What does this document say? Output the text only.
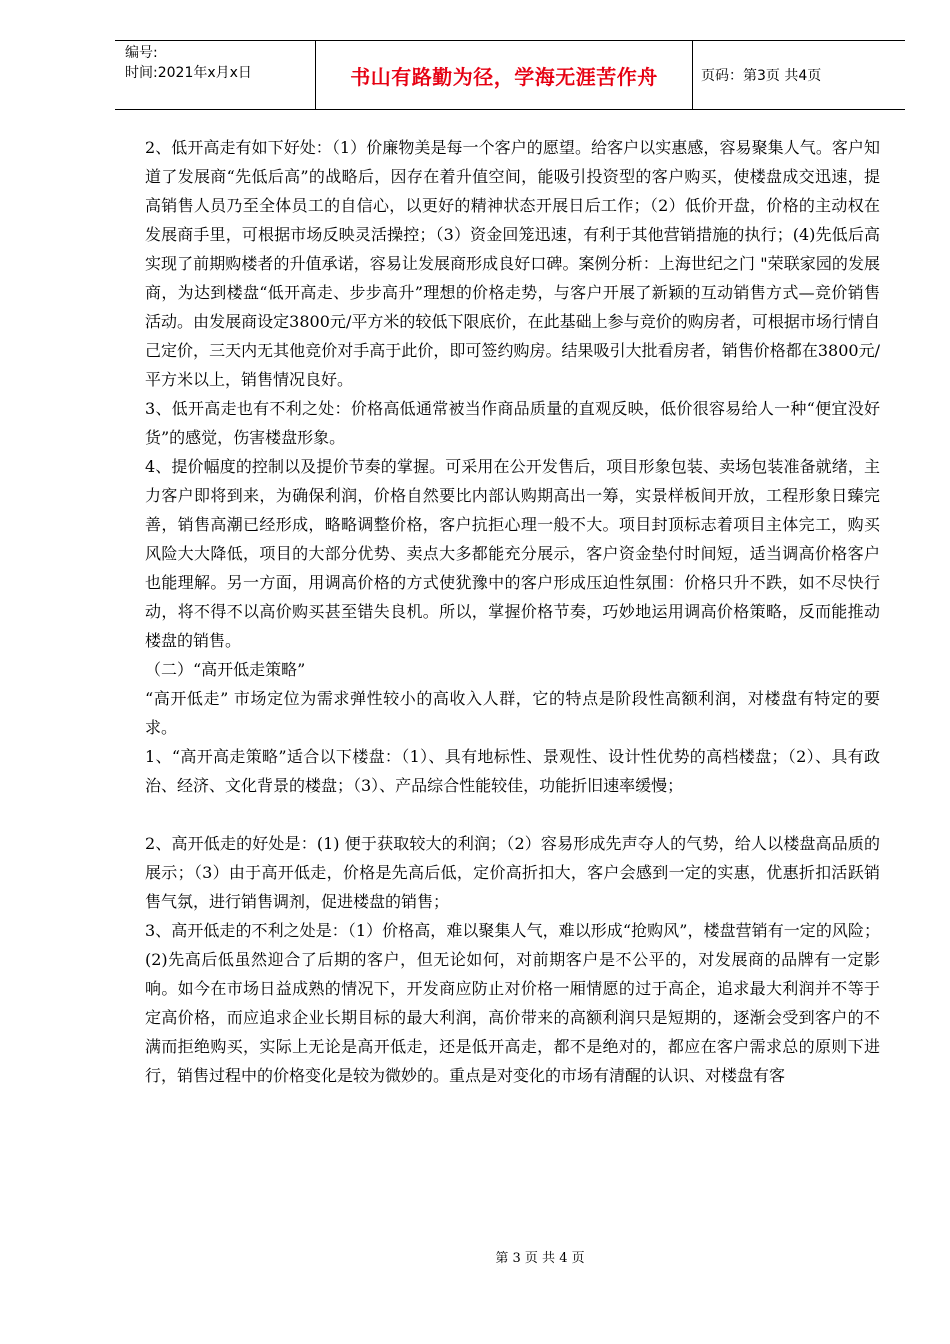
编号:
时间:2021年x月x日	书山有路勤为径，学海无涯苦作舟	页码：第3页 共4页

2、低开高走有如下好处：（1）价廉物美是每一个客户的愿望。给客户以实惠感，容易聚集人气。客户知道了发展商“先低后高”的战略后，因存在着升值空间，能吸引投资型的客户购买，使楼盘成交迅速，提高销售人员乃至全体员工的自信心，以更好的精神状态开展日后工作；（2）低价开盘，价格的主动权在发展商手里，可根据市场反映灵活操控；（3）资金回笼迅速，有利于其他营销措施的执行；(4)先低后高实现了前期购楼者的升值承诺，容易让发展商形成良好口碑。案例分析：上海世纪之门 "荣联家园的发展商，为达到楼盘“低开高走、步步高升”理想的价格走势，与客户开展了新颖的互动销售方式—竞价销售活动。由发展商设定3800元/平方米的较低下限底价，在此基础上参与竞价的购房者，可根据市场行情自己定价，三天内无其他竞价对手高于此价，即可签约购房。结果吸引大批看房者，销售价格都在3800元/平方米以上，销售情况良好。

3、低开高走也有不利之处：价格高低通常被当作商品质量的直观反映，低价很容易给人一种“便宜没好货”的感觉，伤害楼盘形象。

4、提价幅度的控制以及提价节奏的掌握。可采用在公开发售后，项目形象包装、卖场包装准备就绪，主力客户即将到来，为确保利润，价格自然要比内部认购期高出一筹，实景样板间开放，工程形象日臻完善，销售高潮已经形成，略略调整价格，客户抗拒心理一般不大。项目封顶标志着项目主体完工，购买风险大大降低，项目的大部分优势、卖点大多都能充分展示，客户资金垫付时间短，适当调高价格客户也能理解。另一方面，用调高价格的方式使犹豫中的客户形成压迫性氛围：价格只升不跌，如不尽快行动，将不得不以高价购买甚至错失良机。所以，掌握价格节奏，巧妙地运用调高价格策略，反而能推动楼盘的销售。

（二）“高开低走策略”

“高开低走” 市场定位为需求弹性较小的高收入人群，它的特点是阶段性高额利润，对楼盘有特定的要求。

1、“高开高走策略”适合以下楼盘：（1）、具有地标性、景观性、设计性优势的高档楼盘；（2）、具有政治、经济、文化背景的楼盘；（3）、产品综合性能较佳，功能折旧速率缓慢；

2、高开低走的好处是：(1) 便于获取较大的利润；（2）容易形成先声夺人的气势，给人以楼盘高品质的展示；（3）由于高开低走，价格是先高后低，定价高折扣大，客户会感到一定的实惠，优惠折扣活跃销售气氛，进行销售调剂，促进楼盘的销售；

3、高开低走的不利之处是：（1）价格高，难以聚集人气，难以形成“抢购风”，楼盘营销有一定的风险；(2)先高后低虽然迎合了后期的客户，但无论如何，对前期客户是不公平的，对发展商的品牌有一定影响。如今在市场日益成熟的情况下，开发商应防止对价格一厢情愿的过于高企，追求最大利润并不等于定高价格，而应追求企业长期目标的最大利润，高价带来的高额利润只是短期的，逐渐会受到客户的不满而拒绝购买，实际上无论是高开低走，还是低开高走，都不是绝对的，都应在客户需求总的原则下进行，销售过程中的价格变化是较为微妙的。重点是对变化的市场有清醒的认识、对楼盘有客

第 3 页 共 4 页
